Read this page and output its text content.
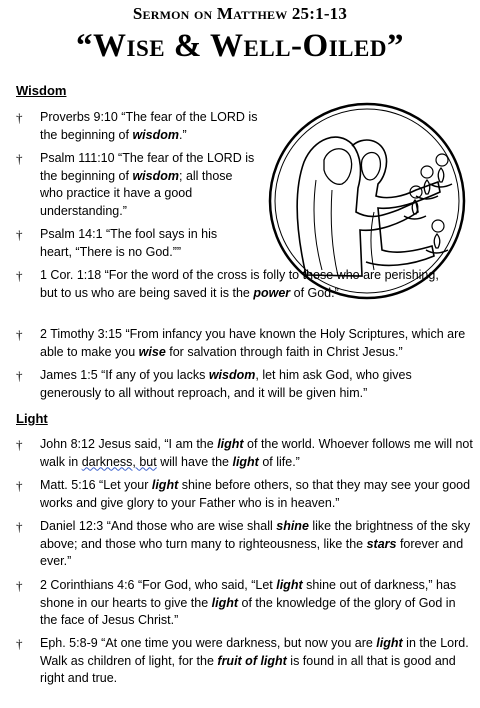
Sermon on Matthew 25:1-13
“Wise & Well-Oiled”
Wisdom
† Proverbs 9:10 “The fear of the LORD is the beginning of wisdom.”
† Psalm 111:10 “The fear of the LORD is the beginning of wisdom; all those who practice it have a good understanding.”
† Psalm 14:1 “The fool says in his heart, “There is no God.””
† 1 Cor. 1:18 “For the word of the cross is folly to those who are perishing, but to us who are being saved it is the power of God.”
† 2 Timothy 3:15 “From infancy you have known the Holy Scriptures, which are able to make you wise for salvation through faith in Christ Jesus.”
† James 1:5 “If any of you lacks wisdom, let him ask God, who gives generously to all without reproach, and it will be given him.”
Light
† John 8:12 Jesus said, “I am the light of the world. Whoever follows me will not walk in darkness, but will have the light of life.”
† Matt. 5:16 “Let your light shine before others, so that they may see your good works and give glory to your Father who is in heaven.”
† Daniel 12:3 “And those who are wise shall shine like the brightness of the sky above; and those who turn many to righteousness, like the stars forever and ever.”
† 2 Corinthians 4:6 “For God, who said, “Let light shine out of darkness,” has shone in our hearts to give the light of the knowledge of the glory of God in the face of Jesus Christ.”
† Eph. 5:8-9 “At one time you were darkness, but now you are light in the Lord. Walk as children of light, for the fruit of light is found in all that is good and right and true.
